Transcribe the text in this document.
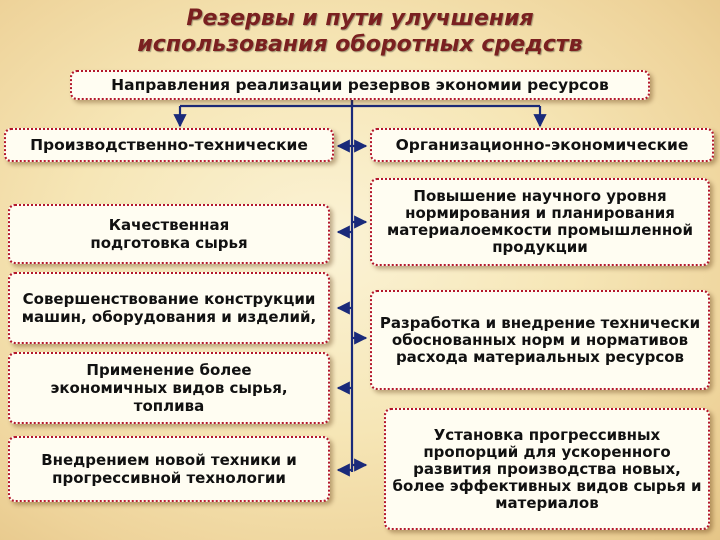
Резервы и пути улучшения
использования оборотных средств
Направления реализации резервов экономии ресурсов
Производственно-технические	Организационно-экономические
Качественная подготовка сырья
Совершенствование конструкции машин, оборудования и изделий,
Применение более экономичных видов сырья, топлива
Внедрением новой техники и прогрессивной технологии
Повышение научного уровня нормирования и планирования материалоемкости промышленной продукции
Разработка и внедрение технически обоснованных норм и нормативов расхода материальных ресурсов
Установка прогрессивных пропорций для ускоренного развития производства новых, более эффективных видов сырья и материалов
